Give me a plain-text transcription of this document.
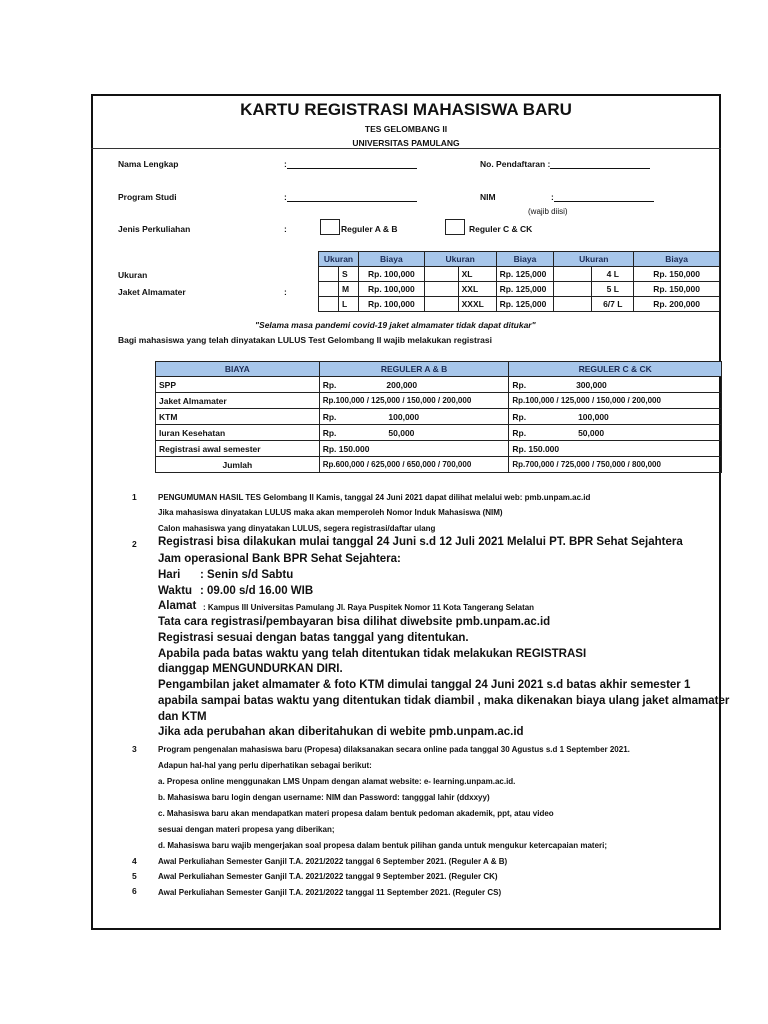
KARTU REGISTRASI MAHASISWA BARU
TES GELOMBANG II
UNIVERSITAS PAMULANG
Nama Lengkap	:	No. Pendaftaran :
Program Studi	:	NIM	:
(wajib diisi)
Jenis Perkuliahan	:	Reguler A & B	Reguler C & CK
Ukuran
Jaket Almamater	:
Ukuran		Biaya	Ukuran		Biaya	Ukuran		Biaya
	S	Rp. 100,000		XL	Rp. 125,000		4 L	Rp. 150,000
	M	Rp. 100,000		XXL	Rp. 125,000		5 L	Rp. 150,000
	L	Rp. 100,000		XXXL	Rp. 125,000		6/7 L	Rp. 200,000
"Selama masa pandemi covid-19 jaket almamater tidak dapat ditukar"
Bagi mahasiswa yang telah dinyatakan LULUS Test Gelombang II wajib melakukan registrasi
BIAYA	REGULER A & B	REGULER C & CK
SPP	Rp. 200,000	Rp. 300,000
Jaket Almamater	Rp.100,000 / 125,000 / 150,000 / 200,000	Rp.100,000 / 125,000 / 150,000 / 200,000
KTM	Rp. 100,000	Rp. 100,000
Iuran Kesehatan	Rp. 50,000	Rp. 50,000
Registrasi awal semester	Rp. 150.000	Rp. 150.000
Jumlah	Rp.600,000 / 625,000 / 650,000 / 700,000	Rp.700,000 / 725,000 / 750,000 / 800,000
1	PENGUMUMAN HASIL TES Gelombang II Kamis, tanggal 24 Juni 2021 dapat dilihat melalui web: pmb.unpam.ac.id
Jika mahasiswa dinyatakan LULUS maka akan memperoleh Nomor Induk Mahasiswa (NIM)
Calon mahasiswa yang dinyatakan LULUS, segera registrasi/daftar ulang
2 Registrasi bisa dilakukan mulai tanggal 24 Juni s.d 12 Juli 2021 Melalui PT. BPR Sehat Sejahtera
Jam operasional Bank BPR Sehat Sejahtera:
Hari : Senin s/d Sabtu
Waktu : 09.00 s/d 16.00 WIB
Alamat : Kampus III Universitas Pamulang Jl. Raya Puspitek Nomor 11 Kota Tangerang Selatan
Tata cara registrasi/pembayaran bisa dilihat diwebsite pmb.unpam.ac.id
Registrasi sesuai dengan batas tanggal yang ditentukan.
Apabila pada batas waktu yang telah ditentukan tidak melakukan REGISTRASI
dianggap MENGUNDURKAN DIRI.
Pengambilan jaket almamater & foto KTM dimulai tanggal 24 Juni 2021 s.d batas akhir semester 1
apabila sampai batas waktu yang ditentukan tidak diambil , maka dikenakan biaya ulang jaket almamater
dan KTM
Jika ada perubahan akan diberitahukan di webite pmb.unpam.ac.id
3	Program pengenalan mahasiswa baru (Propesa) dilaksanakan secara online pada tanggal 30 Agustus s.d 1 September 2021.
Adapun hal-hal yang perlu diperhatikan sebagai berikut:
a. Propesa online menggunakan LMS Unpam dengan alamat website: e- learning.unpam.ac.id.
b. Mahasiswa baru login dengan username: NIM dan Password: tangggal lahir (ddxxyy)
c. Mahasiswa baru akan mendapatkan materi propesa dalam bentuk pedoman akademik, ppt, atau video
sesuai dengan materi propesa yang diberikan;
d. Mahasiswa baru wajib mengerjakan soal propesa dalam bentuk pilihan ganda untuk mengukur ketercapaian materi;
4	Awal Perkuliahan Semester Ganjil T.A. 2021/2022 tanggal 6 September 2021. (Reguler A & B)
5	Awal Perkuliahan Semester Ganjil T.A. 2021/2022 tanggal 9 September 2021. (Reguler CK)
6	Awal Perkuliahan Semester Ganjil T.A. 2021/2022 tanggal 11 September 2021. (Reguler CS)
